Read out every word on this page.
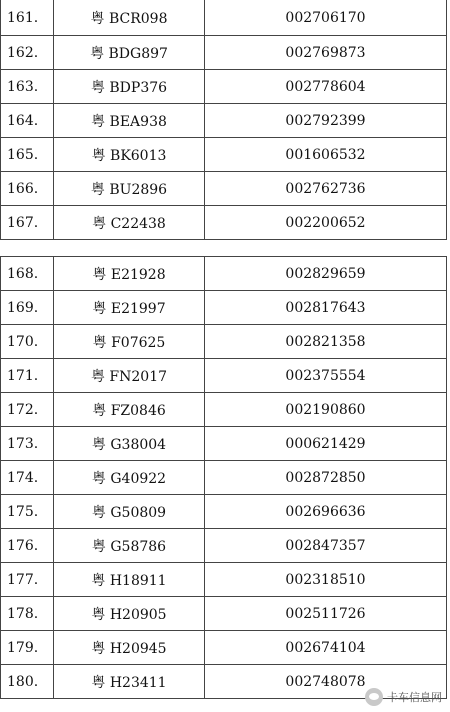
161.	粤 BCR098	002706170
162.	粤 BDG897	002769873
163.	粤 BDP376	002778604
164.	粤 BEA938	002792399
165.	粤 BK6013	001606532
166.	粤 BU2896	002762736
167.	粤 C22438	002200652
168.	粤 E21928	002829659
169.	粤 E21997	002817643
170.	粤 F07625	002821358
171.	粤 FN2017	002375554
172.	粤 FZ0846	002190860
173.	粤 G38004	000621429
174.	粤 G40922	002872850
175.	粤 G50809	002696636
176.	粤 G58786	002847357
177.	粤 H18911	002318510
178.	粤 H20905	002511726
179.	粤 H20945	002674104
180.	粤 H23411	002748078
卡车信息网
